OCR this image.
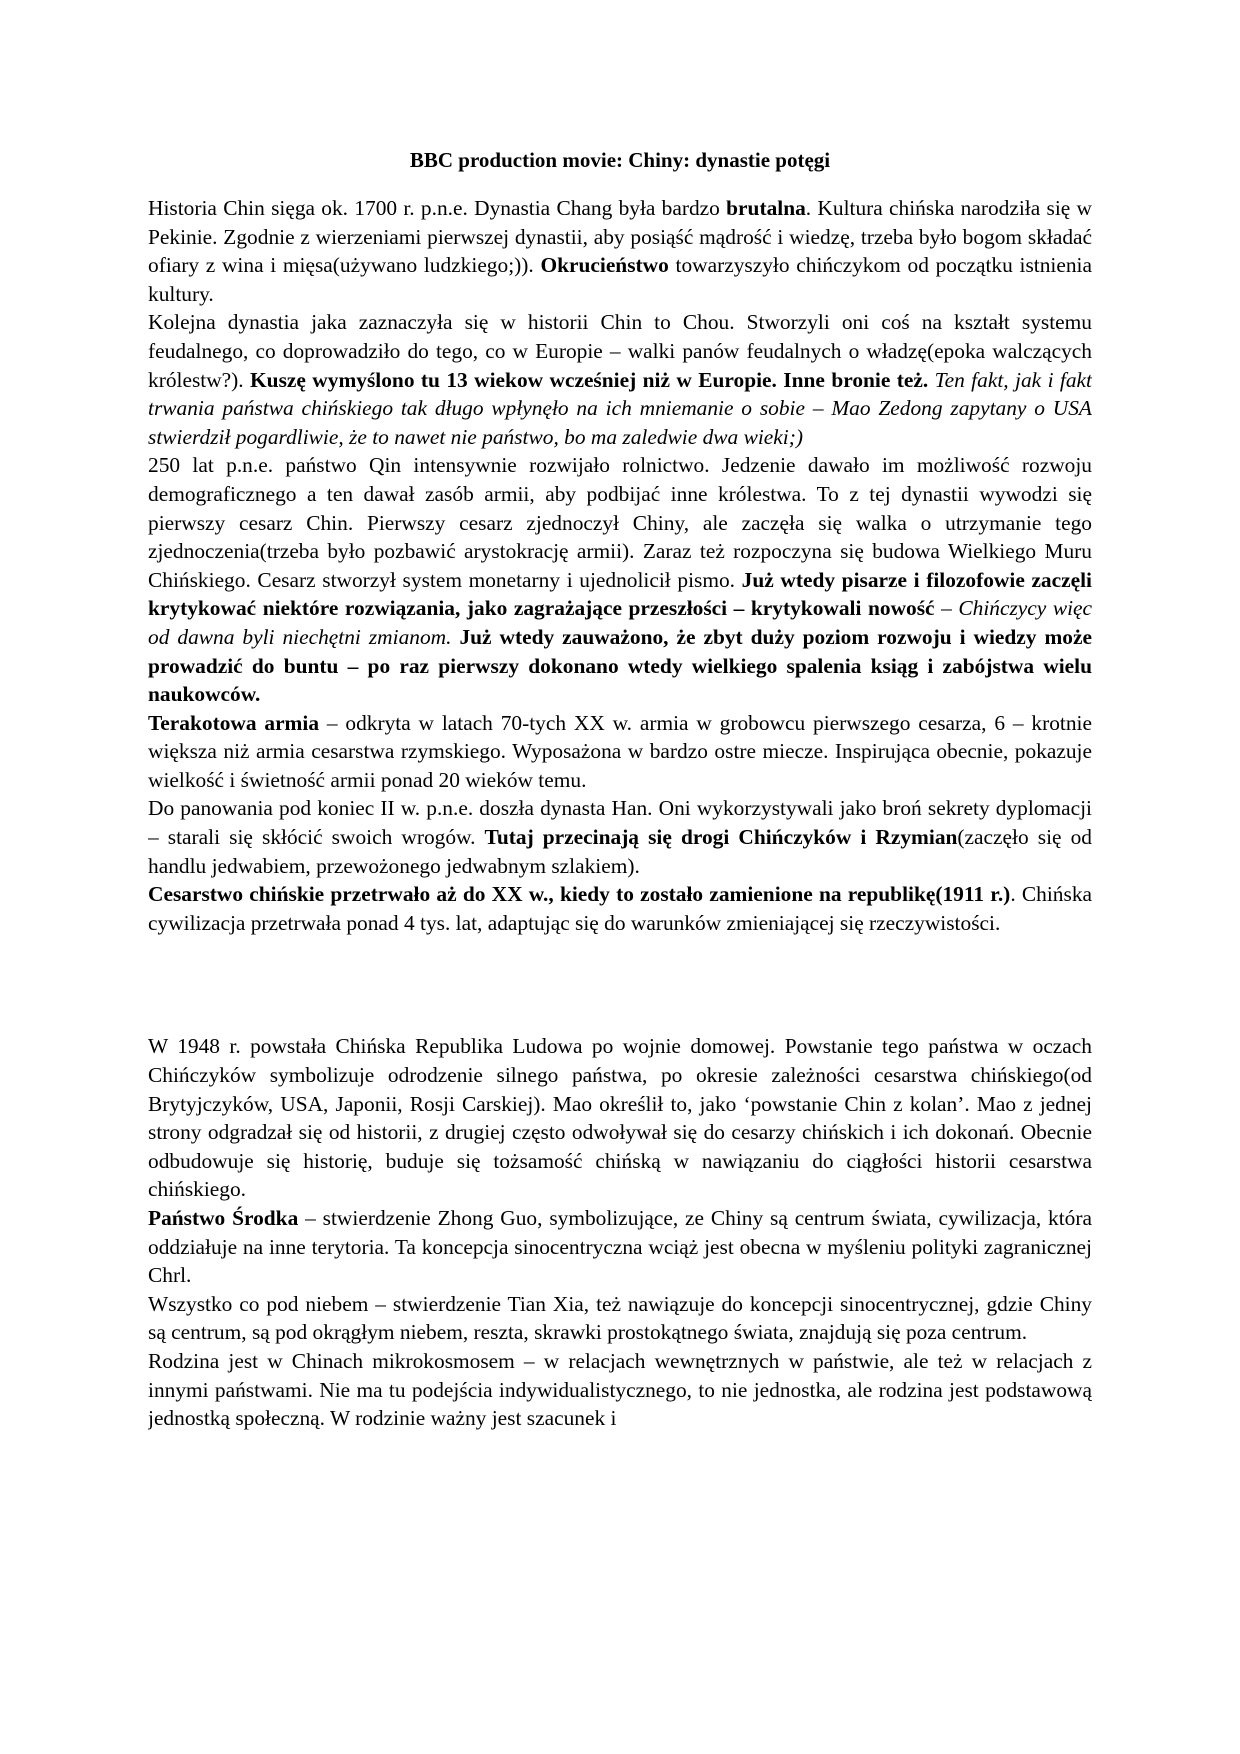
BBC production movie: Chiny: dynastie potęgi

Historia Chin sięga ok. 1700 r. p.n.e. Dynastia Chang była bardzo brutalna. Kultura chińska narodziła się w Pekinie. Zgodnie z wierzeniami pierwszej dynastii, aby posiąść mądrość i wiedzę, trzeba było bogom składać ofiary z wina i mięsa(używano ludzkiego;)). Okrucieństwo towarzyszyło chińczykom od początku istnienia kultury.

Kolejna dynastia jaka zaznaczyła się w historii Chin to Chou. Stworzyli oni coś na kształt systemu feudalnego, co doprowadziło do tego, co w Europie – walki panów feudalnych o władzę(epoka walczących królestw?). Kuszę wymyślono tu 13 wiekow wcześniej niż w Europie. Inne bronie też. Ten fakt, jak i fakt trwania państwa chińskiego tak długo wpłynęło na ich mniemanie o sobie – Mao Zedong zapytany o USA stwierdził pogardliwie, że to nawet nie państwo, bo ma zaledwie dwa wieki;)

250 lat p.n.e. państwo Qin intensywnie rozwijało rolnictwo. Jedzenie dawało im możliwość rozwoju demograficznego a ten dawał zasób armii, aby podbijać inne królestwa. To z tej dynastii wywodzi się pierwszy cesarz Chin. Pierwszy cesarz zjednoczył Chiny, ale zaczęła się walka o utrzymanie tego zjednoczenia(trzeba było pozbawić arystokrację armii). Zaraz też rozpoczyna się budowa Wielkiego Muru Chińskiego. Cesarz stworzył system monetarny i ujednolicił pismo. Już wtedy pisarze i filozofowie zaczęli krytykować niektóre rozwiązania, jako zagrażające przeszłości – krytykowali nowość – Chińczycy więc od dawna byli niechętni zmianom. Już wtedy zauważono, że zbyt duży poziom rozwoju i wiedzy może prowadzić do buntu – po raz pierwszy dokonano wtedy wielkiego spalenia ksiąg i zabójstwa wielu naukowców.

Terakotowa armia – odkryta w latach 70-tych XX w. armia w grobowcu pierwszego cesarza, 6 – krotnie większa niż armia cesarstwa rzymskiego. Wyposażona w bardzo ostre miecze. Inspirująca obecnie, pokazuje wielkość i świetność armii ponad 20 wieków temu.

Do panowania pod koniec II w. p.n.e. doszła dynasta Han. Oni wykorzystywali jako broń sekrety dyplomacji – starali się skłócić swoich wrogów. Tutaj przecinają się drogi Chińczyków i Rzymian(zaczęło się od handlu jedwabiem, przewożonego jedwabnym szlakiem).

Cesarstwo chińskie przetrwało aż do XX w., kiedy to zostało zamienione na republikę(1911 r.). Chińska cywilizacja przetrwała ponad 4 tys. lat, adaptując się do warunków zmieniającej się rzeczywistości.

W 1948 r. powstała Chińska Republika Ludowa po wojnie domowej. Powstanie tego państwa w oczach Chińczyków symbolizuje odrodzenie silnego państwa, po okresie zależności cesarstwa chińskiego(od Brytyjczyków, USA, Japonii, Rosji Carskiej). Mao określił to, jako ‘powstanie Chin z kolan’. Mao z jednej strony odgradzał się od historii, z drugiej często odwoływał się do cesarzy chińskich i ich dokonań. Obecnie odbudowuje się historię, buduje się tożsamość chińską w nawiązaniu do ciągłości historii cesarstwa chińskiego.

Państwo Środka – stwierdzenie Zhong Guo, symbolizujące, ze Chiny są centrum świata, cywilizacja, która oddziałuje na inne terytoria. Ta koncepcja sinocentryczna wciąż jest obecna w myśleniu polityki zagranicznej Chrl.

Wszystko co pod niebem – stwierdzenie Tian Xia, też nawiązuje do koncepcji sinocentrycznej, gdzie Chiny są centrum, są pod okrągłym niebem, reszta, skrawki prostokątnego świata, znajdują się poza centrum.

Rodzina jest w Chinach mikrokosmosem – w relacjach wewnętrznych w państwie, ale też w relacjach z innymi państwami. Nie ma tu podejścia indywidualistycznego, to nie jednostka, ale rodzina jest podstawową jednostką społeczną. W rodzinie ważny jest szacunek i
